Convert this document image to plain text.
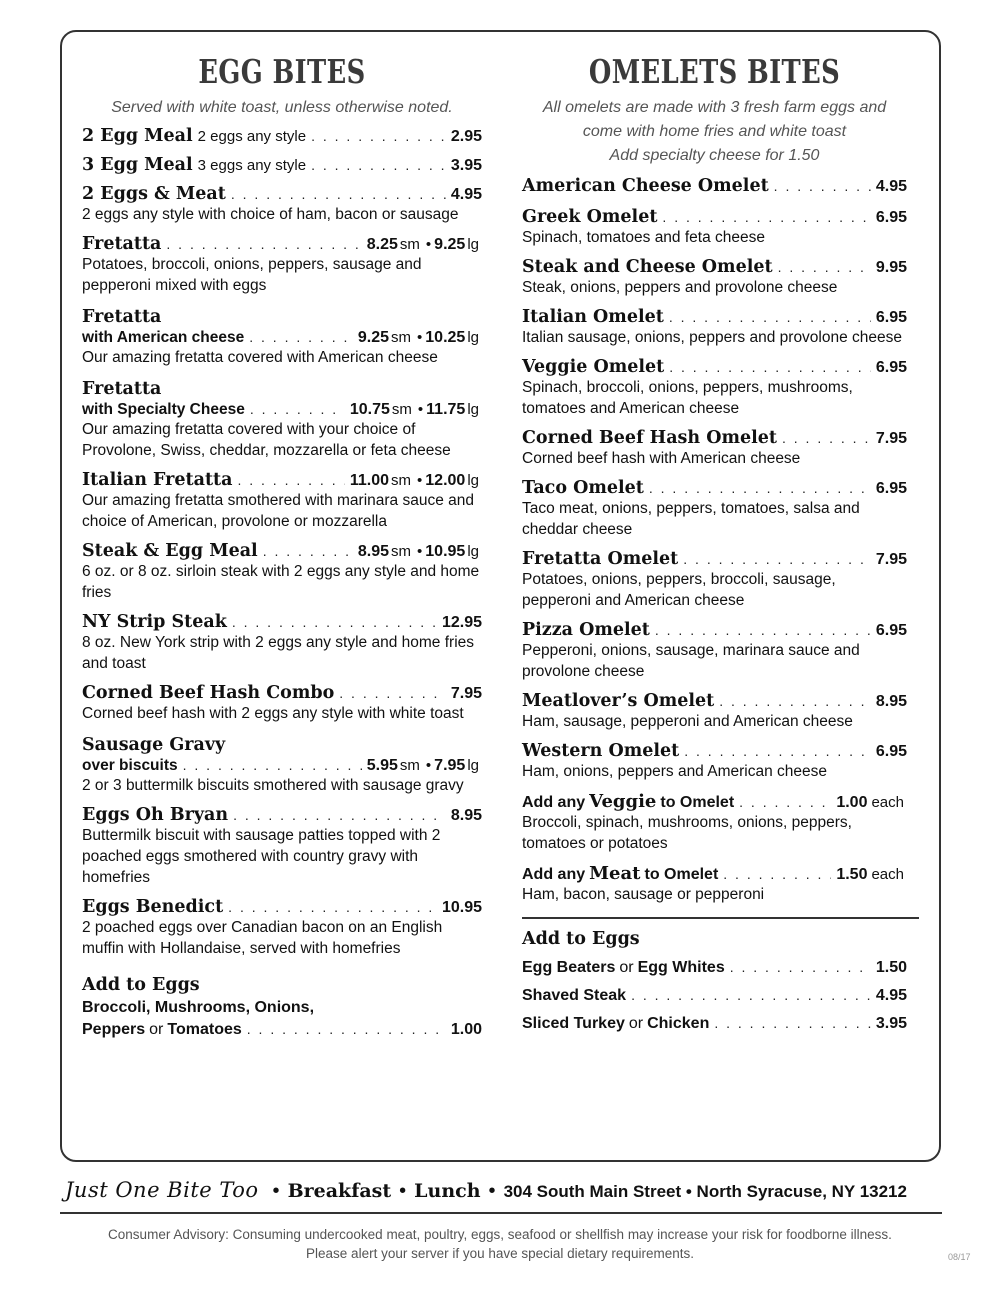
EGG BITES
Served with white toast, unless otherwise noted.
2 Egg Meal 2 eggs any style . . .	2.95
3 Egg Meal 3 eggs any style . . .	3.95
2 Eggs & Meat . . .	4.95
2 eggs any style with choice of ham, bacon or sausage
Fretatta . . .	8.25 sm • 9.25 lg
Potatoes, broccoli, onions, peppers, sausage and pepperoni mixed with eggs
Fretatta
with American cheese . . .	9.25 sm • 10.25 lg
Our amazing fretatta covered with American cheese
Fretatta
with Specialty Cheese . . .	10.75 sm • 11.75 lg
Our amazing fretatta covered with your choice of Provolone, Swiss, cheddar, mozzarella or feta cheese
Italian Fretatta . . .	11.00 sm • 12.00 lg
Our amazing fretatta smothered with marinara sauce and choice of American, provolone or mozzarella
Steak & Egg Meal . . .	8.95 sm • 10.95 lg
6 oz. or 8 oz. sirloin steak with 2 eggs any style and home fries
NY Strip Steak . . .	12.95
8 oz. New York strip with 2 eggs any style and home fries and toast
Corned Beef Hash Combo . . .	7.95
Corned beef hash with 2 eggs any style with white toast
Sausage Gravy
over biscuits . . .	5.95 sm • 7.95 lg
2 or 3 buttermilk biscuits smothered with sausage gravy
Eggs Oh Bryan . . .	8.95
Buttermilk biscuit with sausage patties topped with 2 poached eggs smothered with country gravy with homefries
Eggs Benedict . . .	10.95
2 poached eggs over Canadian bacon on an English muffin with Hollandaise, served with homefries
Add to Eggs
Broccoli, Mushrooms, Onions,
Peppers or Tomatoes . . .	1.00
OMELETS BITES
All omelets are made with 3 fresh farm eggs and
come with home fries and white toast
Add specialty cheese for 1.50
American Cheese Omelet . . .	4.95
Greek Omelet . . .	6.95
Spinach, tomatoes and feta cheese
Steak and Cheese Omelet . . .	9.95
Steak, onions, peppers and provolone cheese
Italian Omelet . . .	6.95
Italian sausage, onions, peppers and provolone cheese
Veggie Omelet . . .	6.95
Spinach, broccoli, onions, peppers, mushrooms, tomatoes and American cheese
Corned Beef Hash Omelet . . .	7.95
Corned beef hash with American cheese
Taco Omelet . . .	6.95
Taco meat, onions, peppers, tomatoes, salsa and cheddar cheese
Fretatta Omelet . . .	7.95
Potatoes, onions, peppers, broccoli, sausage, pepperoni and American cheese
Pizza Omelet . . .	6.95
Pepperoni, onions, sausage, marinara sauce and provolone cheese
Meatlover’s Omelet . . .	8.95
Ham, sausage, pepperoni and American cheese
Western Omelet . . .	6.95
Ham, onions, peppers and American cheese
Add any Veggie to Omelet . . .	1.00 each
Broccoli, spinach, mushrooms, onions, peppers, tomatoes or potatoes
Add any Meat to Omelet . . .	1.50 each
Ham, bacon, sausage or pepperoni
Add to Eggs
Egg Beaters or Egg Whites . . .	1.50
Shaved Steak . . .	4.95
Sliced Turkey or Chicken . . .	3.95
Just One Bite Too • Breakfast • Lunch • 304 South Main Street • North Syracuse, NY 13212
Consumer Advisory: Consuming undercooked meat, poultry, eggs, seafood or shellfish may increase your risk for foodborne illness.
Please alert your server if you have special dietary requirements.	08/17
